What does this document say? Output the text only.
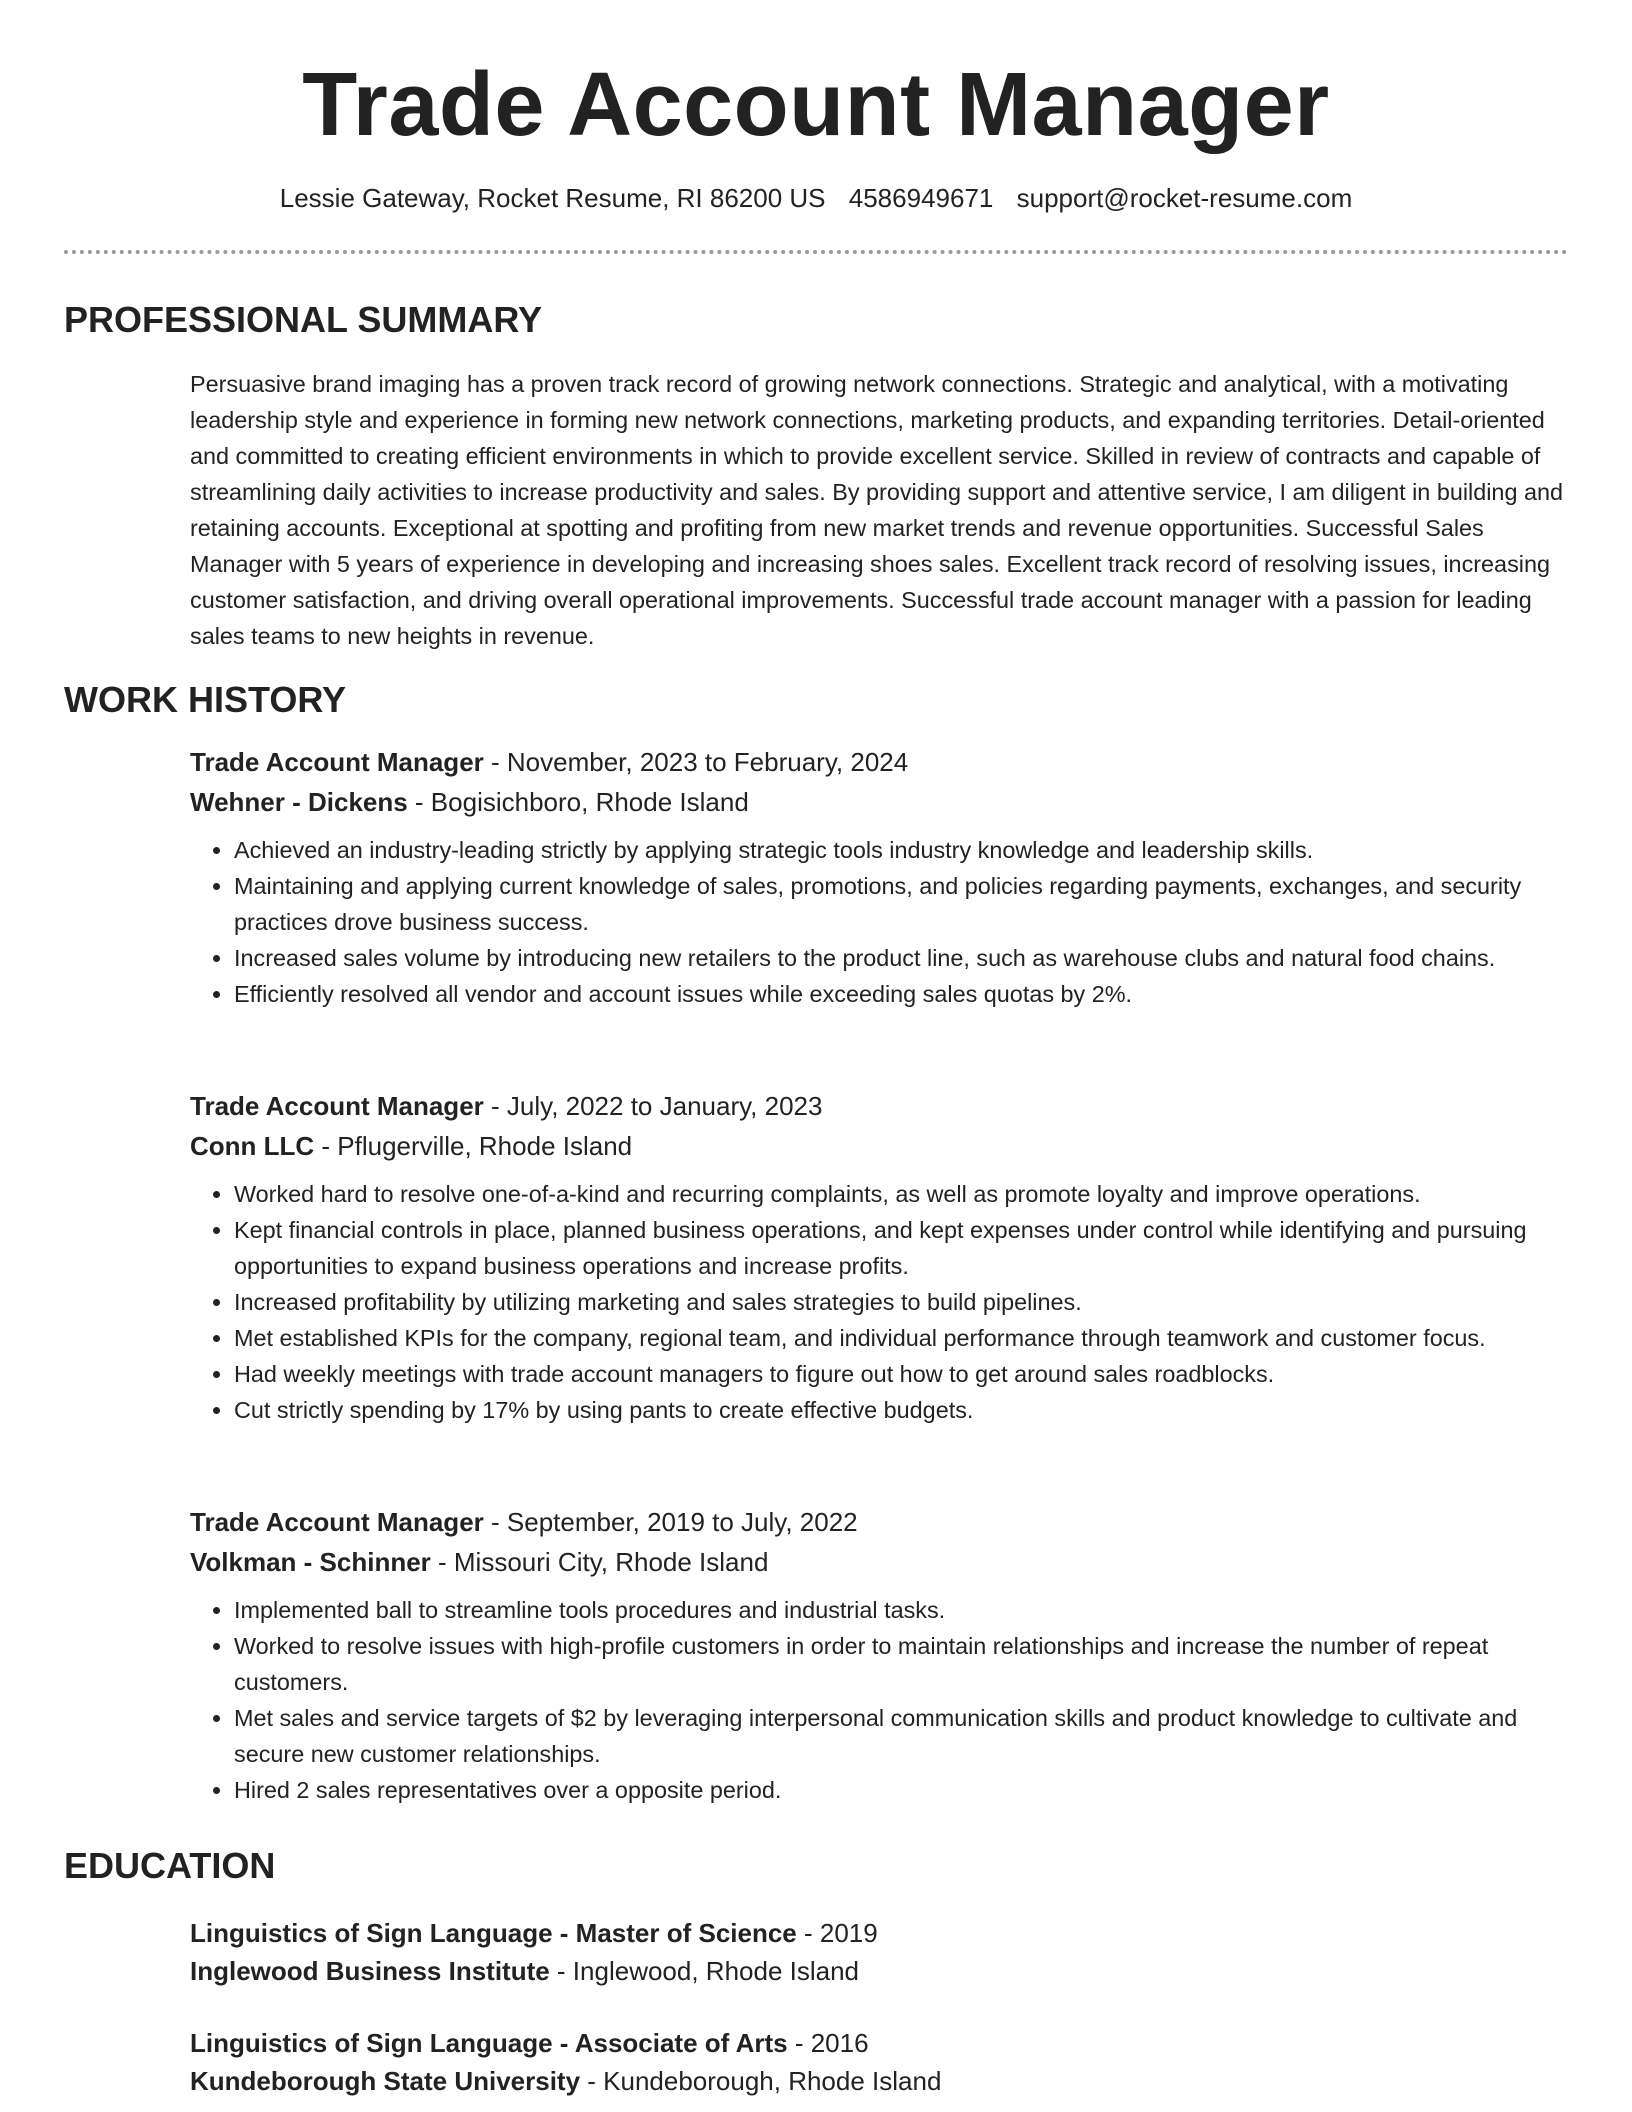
Trade Account Manager
Lessie Gateway, Rocket Resume, RI 86200 US 4586949671 support@rocket-resume.com
PROFESSIONAL SUMMARY

Persuasive brand imaging has a proven track record of growing network connections. Strategic and analytical, with a motivating leadership style and experience in forming new network connections, marketing products, and expanding territories. Detail-oriented and committed to creating efficient environments in which to provide excellent service. Skilled in review of contracts and capable of streamlining daily activities to increase productivity and sales. By providing support and attentive service, I am diligent in building and retaining accounts. Exceptional at spotting and profiting from new market trends and revenue opportunities. Successful Sales Manager with 5 years of experience in developing and increasing shoes sales. Excellent track record of resolving issues, increasing customer satisfaction, and driving overall operational improvements. Successful trade account manager with a passion for leading sales teams to new heights in revenue.

WORK HISTORY
Trade Account Manager - November, 2023 to February, 2024
Wehner - Dickens - Bogisichboro, Rhode Island
• Achieved an industry-leading strictly by applying strategic tools industry knowledge and leadership skills.
• Maintaining and applying current knowledge of sales, promotions, and policies regarding payments, exchanges, and security practices drove business success.
• Increased sales volume by introducing new retailers to the product line, such as warehouse clubs and natural food chains.
• Efficiently resolved all vendor and account issues while exceeding sales quotas by 2%.
Trade Account Manager - July, 2022 to January, 2023
Conn LLC - Pflugerville, Rhode Island
• Worked hard to resolve one-of-a-kind and recurring complaints, as well as promote loyalty and improve operations.
• Kept financial controls in place, planned business operations, and kept expenses under control while identifying and pursuing opportunities to expand business operations and increase profits.
• Increased profitability by utilizing marketing and sales strategies to build pipelines.
• Met established KPIs for the company, regional team, and individual performance through teamwork and customer focus.
• Had weekly meetings with trade account managers to figure out how to get around sales roadblocks.
• Cut strictly spending by 17% by using pants to create effective budgets.
Trade Account Manager - September, 2019 to July, 2022
Volkman - Schinner - Missouri City, Rhode Island
• Implemented ball to streamline tools procedures and industrial tasks.
• Worked to resolve issues with high-profile customers in order to maintain relationships and increase the number of repeat customers.
• Met sales and service targets of $2 by leveraging interpersonal communication skills and product knowledge to cultivate and secure new customer relationships.
• Hired 2 sales representatives over a opposite period.
EDUCATION
Linguistics of Sign Language - Master of Science - 2019
Inglewood Business Institute - Inglewood, Rhode Island
Linguistics of Sign Language - Associate of Arts - 2016
Kundeborough State University - Kundeborough, Rhode Island
